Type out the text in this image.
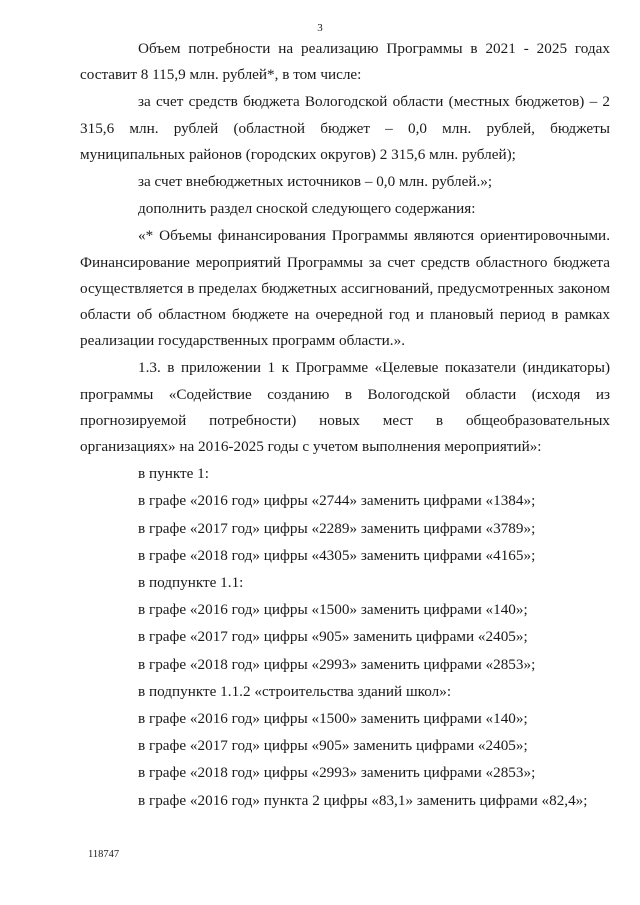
3

Объем потребности на реализацию Программы в 2021 - 2025 годах составит 8 115,9 млн. рублей*, в том числе:

за счет средств бюджета Вологодской области (местных бюджетов) – 2 315,6 млн. рублей (областной бюджет – 0,0 млн. рублей, бюджеты муниципальных районов (городских округов) 2 315,6 млн. рублей);

за счет внебюджетных источников – 0,0 млн. рублей.»;

дополнить раздел сноской следующего содержания:

«* Объемы финансирования Программы являются ориентировочными. Финансирование мероприятий Программы за счет средств областного бюджета осуществляется в пределах бюджетных ассигнований, предусмотренных законом области об областном бюджете на очередной год и плановый период в рамках реализации государственных программ области.».

1.3. в приложении 1 к Программе «Целевые показатели (индикаторы) программы «Содействие созданию в Вологодской области (исходя из прогнозируемой потребности) новых мест в общеобразовательных организациях» на 2016-2025 годы с учетом выполнения мероприятий»:

в пункте 1:

в графе «2016 год» цифры «2744» заменить цифрами «1384»;

в графе «2017 год» цифры «2289» заменить цифрами «3789»;

в графе «2018 год» цифры «4305» заменить цифрами «4165»;

в подпункте 1.1:

в графе «2016 год» цифры «1500» заменить цифрами «140»;

в графе «2017 год» цифры «905» заменить цифрами «2405»;

в графе «2018 год» цифры «2993» заменить цифрами «2853»;

в подпункте 1.1.2 «строительства зданий школ»:

в графе «2016 год» цифры «1500» заменить цифрами «140»;

в графе «2017 год» цифры «905» заменить цифрами «2405»;

в графе «2018 год» цифры «2993» заменить цифрами «2853»;

в графе «2016 год» пункта 2 цифры «83,1» заменить цифрами «82,4»;

118747
